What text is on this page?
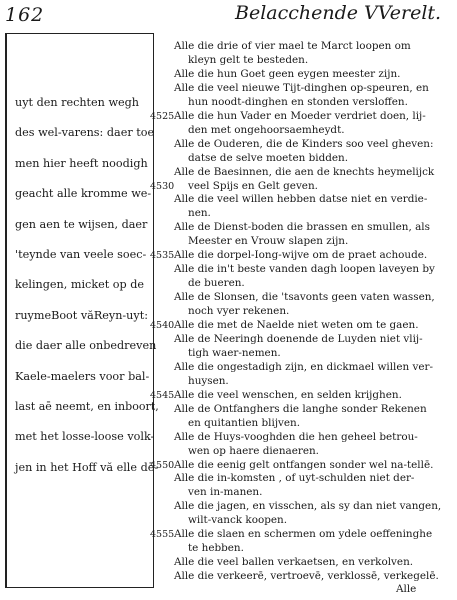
162	Belacchende VVerelt.
uyt den rechten wegh
des wel-varens: daer toe
men hier heeft noodigh
geacht alle kromme we-
gen aen te wijsen, daer
'teynde van veele soec-
kelingen, micket op de
ruymeBoot văReyn-uyt:
die daer alle onbedreven
Kaele-maelers voor bal-
last aē neemt, en inboort,
met het losse-loose volk-
jen in het Hoff vă elle dē-
4525
4530
4535
4540
4545
4550
4555
Alle die drie of vier mael te Marct loopen om
kleyn gelt te besteden.
Alle die hun Goet geen eygen meester zijn.
Alle die veel nieuwe Tijt-dinghen op-speuren, en
hun noodt-dinghen en stonden versloffen.
Alle die hun Vader en Moeder verdriet doen, lij-
den met ongehoorsaemheydt.
Alle de Ouderen, die de Kinders soo veel gheven:
datse de selve moeten bidden.
Alle de Baesinnen, die aen de knechts heymelijck
veel Spijs en Gelt geven.
Alle die veel willen hebben datse niet en verdie-
nen.
Alle de Dienst-boden die brassen en smullen, als
Meester en Vrouw slapen zijn.
Alle die dorpel-Iong-wijve om de praet achoude.
Alle die in't beste vanden dagh loopen laveyen by
de bueren.
Alle de Slonsen, die 'tsavonts geen vaten wassen,
noch vyer rekenen.
Alle die met de Naelde niet weten om te gaen.
Alle de Neeringh doenende de Luyden niet vlij-
tigh waer-nemen.
Alle die ongestadigh zijn, en dickmael willen ver-
huysen.
Alle die veel wenschen, en selden krijghen.
Alle de Ontfanghers die langhe sonder Rekenen
en quitantien blijven.
Alle de Huys-vooghden die hen geheel betrou-
wen op haere dienaeren.
Alle die eenig gelt ontfangen sonder wel na-tellē.
Alle die in-komsten , of uyt-schulden niet der-
ven in-manen.
Alle die jagen, en visschen, als sy dan niet vangen,
wilt-vanck koopen.
Alle die slaen en schermen om ydele oeffeninghe
te hebben.
Alle die veel ballen verkaetsen, en verkolven.
Alle die verkeerē, vertroevē, verklossē, verkegelē.
Alle
